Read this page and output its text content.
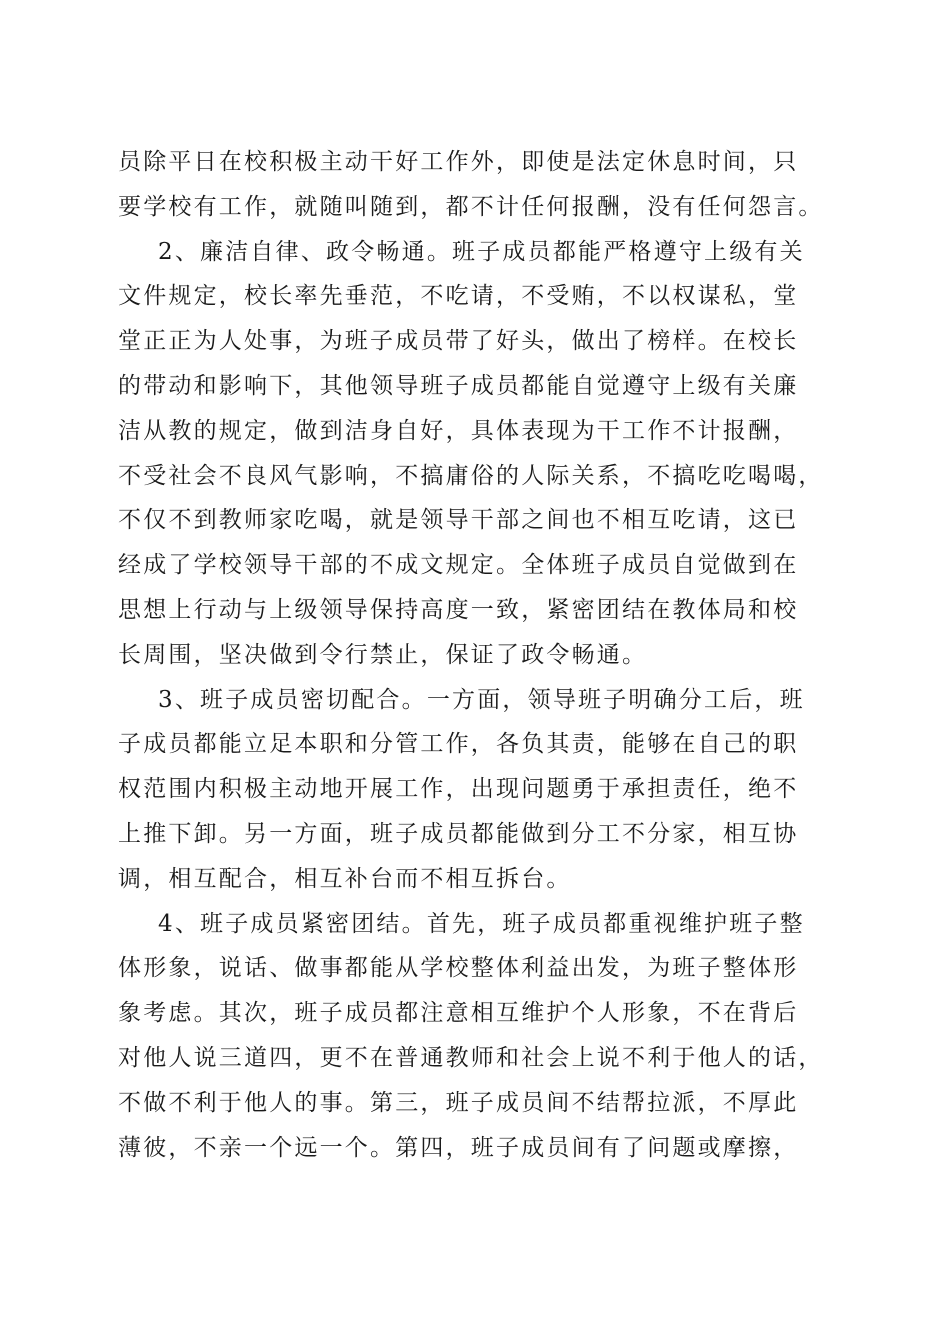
员除平日在校积极主动干好工作外，即使是法定休息时间，只
要学校有工作，就随叫随到，都不计任何报酬，没有任何怨言。
2、廉洁自律、政令畅通。班子成员都能严格遵守上级有关
文件规定，校长率先垂范，不吃请，不受贿，不以权谋私，堂
堂正正为人处事，为班子成员带了好头，做出了榜样。在校长
的带动和影响下，其他领导班子成员都能自觉遵守上级有关廉
洁从教的规定，做到洁身自好，具体表现为干工作不计报酬，
不受社会不良风气影响，不搞庸俗的人际关系，不搞吃吃喝喝，
不仅不到教师家吃喝，就是领导干部之间也不相互吃请，这已
经成了学校领导干部的不成文规定。全体班子成员自觉做到在
思想上行动与上级领导保持高度一致，紧密团结在教体局和校
长周围，坚决做到令行禁止，保证了政令畅通。
3、班子成员密切配合。一方面，领导班子明确分工后，班
子成员都能立足本职和分管工作，各负其责，能够在自己的职
权范围内积极主动地开展工作，出现问题勇于承担责任，绝不
上推下卸。另一方面，班子成员都能做到分工不分家，相互协
调，相互配合，相互补台而不相互拆台。
4、班子成员紧密团结。首先，班子成员都重视维护班子整
体形象，说话、做事都能从学校整体利益出发，为班子整体形
象考虑。其次，班子成员都注意相互维护个人形象，不在背后
对他人说三道四，更不在普通教师和社会上说不利于他人的话，
不做不利于他人的事。第三，班子成员间不结帮拉派，不厚此
薄彼，不亲一个远一个。第四，班子成员间有了问题或摩擦，
